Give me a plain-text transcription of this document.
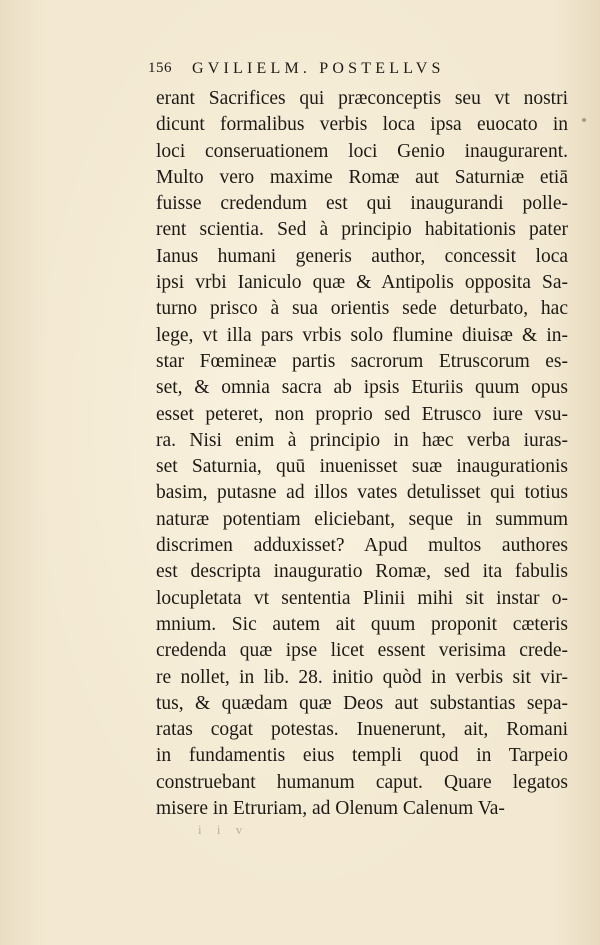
156 GVILIELM. POSTELLVS
erant Sacrifices qui præconceptis seu vt nostri
dicunt formalibus verbis loca ipsa euocato in
loci conseruationem loci Genio inaugurarent.
Multo vero maxime Romæ aut Saturniæ etiā
fuisse credendum est qui inaugurandi polle-
rent scientia. Sed à principio habitationis pater
Ianus humani generis author, concessit loca
ipsi vrbi Ianiculo quæ & Antipolis opposita Sa-
turno prisco à sua orientis sede deturbato, hac
lege, vt illa pars vrbis solo flumine diuisæ & in-
star Fœmineæ partis sacrorum Etruscorum es-
set, & omnia sacra ab ipsis Eturiis quum opus
esset peteret, non proprio sed Etrusco iure vsu-
ra. Nisi enim à principio in hæc verba iuras-
set Saturnia, quū inuenisset suæ inaugurationis
basim, putasne ad illos vates detulisset qui totius
naturæ potentiam eliciebant, seque in summum
discrimen adduxisset? Apud multos authores
est descripta inauguratio Romæ, sed ita fabulis
locupletata vt sententia Plinii mihi sit instar o-
mnium. Sic autem ait quum proponit cæteris
credenda quæ ipse licet essent verisima crede-
re nollet, in lib. 28. initio quòd in verbis sit vir-
tus, & quædam quæ Deos aut substantias sepa-
ratas cogat potestas. Inuenerunt, ait, Romani
in fundamentis eius templi quod in Tarpeio
construebant humanum caput. Quare legatos
misere in Etruriam, ad Olenum Calenum Va-
i i v
